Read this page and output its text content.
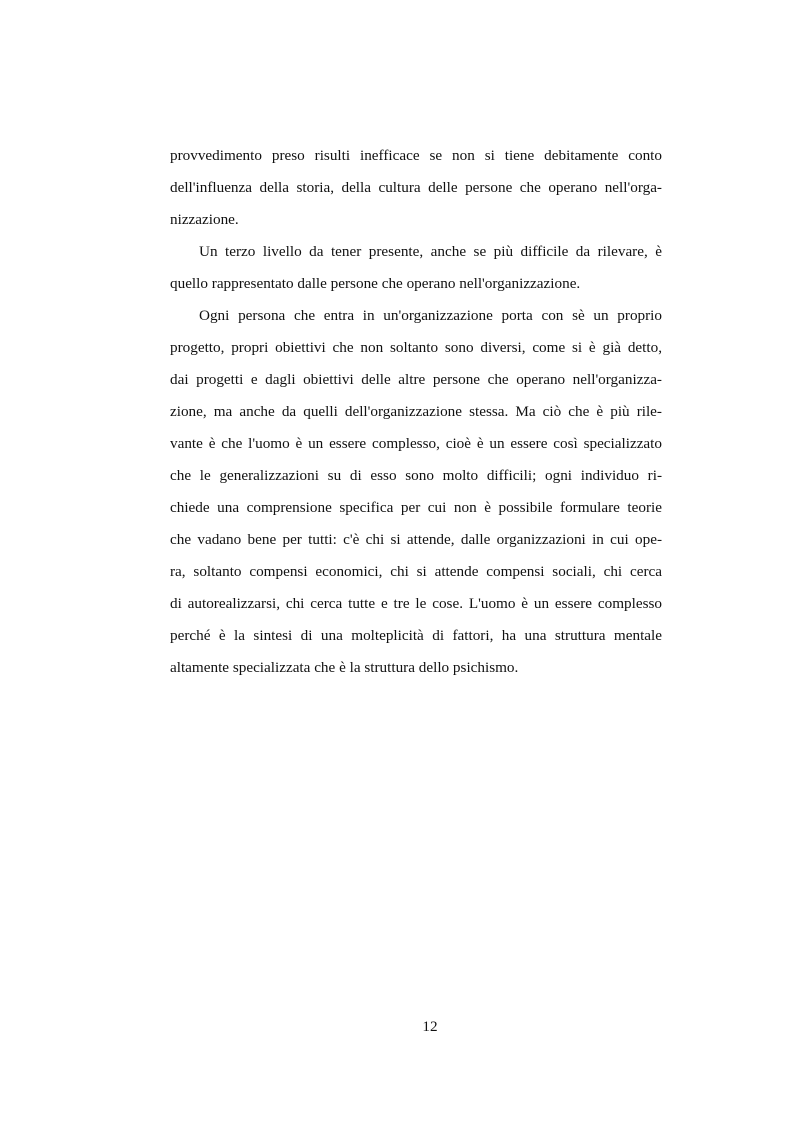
provvedimento preso risulti inefficace se non si tiene debitamente conto
dell'influenza della storia, della cultura delle persone che operano nell'orga-
nizzazione.
Un terzo livello da tener presente, anche se più difficile da rilevare, è
quello rappresentato dalle persone che operano nell'organizzazione.
Ogni persona che entra in un'organizzazione porta con sè un proprio
progetto, propri obiettivi che non soltanto sono diversi, come si è già detto,
dai progetti e dagli obiettivi delle altre persone che operano nell'organizza-
zione, ma anche da quelli dell'organizzazione stessa. Ma ciò che è più rile-
vante è che l'uomo è un essere complesso, cioè è un essere così specializzato
che le generalizzazioni su di esso sono molto difficili; ogni individuo ri-
chiede una comprensione specifica per cui non è possibile formulare teorie
che vadano bene per tutti: c'è chi si attende, dalle organizzazioni in cui ope-
ra, soltanto compensi economici, chi si attende compensi sociali, chi cerca
di autorealizzarsi, chi cerca tutte e tre le cose. L'uomo è un essere complesso
perché è la sintesi di una molteplicità di fattori, ha una struttura mentale
altamente specializzata che è la struttura dello psichismo.
12
